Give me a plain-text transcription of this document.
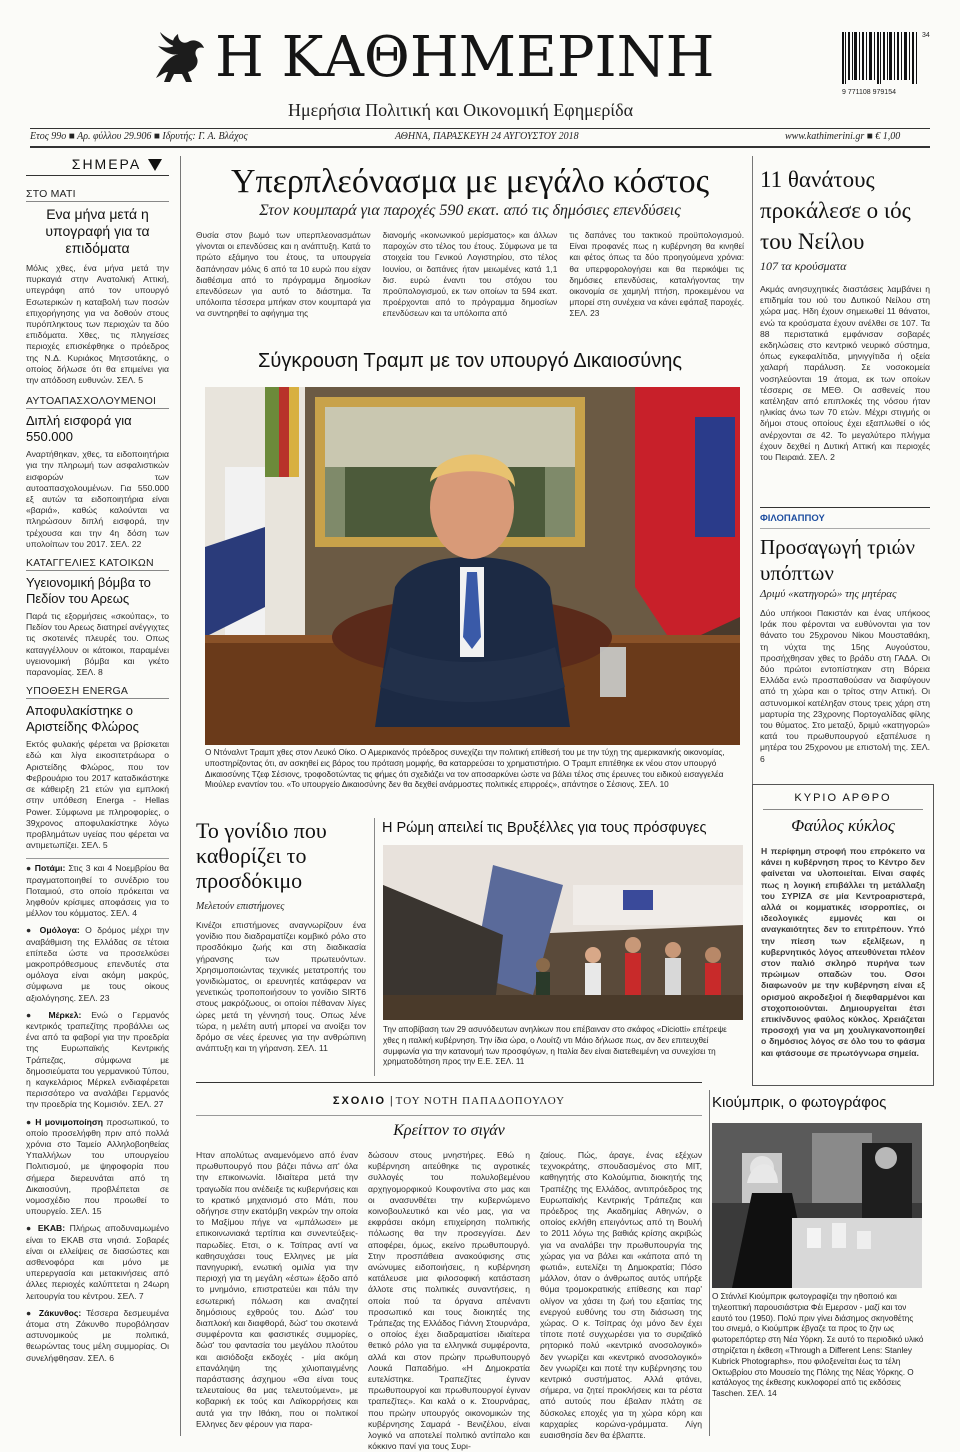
Η ΚΑΘΗΜΕΡΙΝΗ
Ημερήσια Πολιτική και Οικονομική Εφημερίδα
9 771108 979154
34
Ετος 99ο ■ Αρ. φύλλου 29.906 ■ Ιδρυτής: Γ. Α. Βλάχος	ΑΘΗΝΑ, ΠΑΡΑΣΚΕΥΗ 24 ΑΥΓΟΥΣΤΟΥ 2018	www.kathimerini.gr ■ € 1,00
ΣΗΜΕΡΑ
ΣΤΟ ΜΑΤΙ
Ενα μήνα μετά η υπογραφή για τα επιδόματα
Μόλις χθες, ένα μήνα μετά την πυρκαγιά στην Ανατολική Αττική, υπεγράφη από τον υπουργό Εσωτερικών η καταβολή των ποσών επιχορήγησης για να δοθούν στους πυρόπληκτους των περιοχών τα δύο επιδόματα. Χθες, τις πληγείσες περιοχές επισκέφθηκε ο πρόεδρος της Ν.Δ. Κυριάκος Μητσοτάκης, ο οποίος δήλωσε ότι θα επιμείνει για την απόδοση ευθυνών. ΣΕΛ. 5
ΑΥΤΟΑΠΑΣΧΟΛΟΥΜΕΝΟΙ
Διπλή εισφορά για 550.000
Αναρτήθηκαν, χθες, τα ειδοποιητήρια για την πληρωμή των ασφαλιστικών εισφορών των αυτοαπασχολουμένων. Για 550.000 εξ αυτών τα ειδοποιητήρια είναι «βαριά», καθώς καλούνται να πληρώσουν διπλή εισφορά, την τρέχουσα και την 4η δόση των υπολοίπων του 2017. ΣΕΛ. 22
ΚΑΤΑΓΓΕΛΙΕΣ ΚΑΤΟΙΚΩΝ
Υγειονομική βόμβα το Πεδίον του Αρεως
Παρά τις εξορμήσεις «σκούπας», το Πεδίον του Αρεως διατηρεί ανέγγιχτες τις σκοτεινές πλευρές του. Οπως καταγγέλλουν οι κάτοικοι, παραμένει υγειονομική βόμβα και γκέτο παρανομίας. ΣΕΛ. 8
ΥΠΟΘΕΣΗ ENERGA
Αποφυλακίστηκε ο Αριστείδης Φλώρος
Εκτός φυλακής φέρεται να βρίσκεται εδώ και λίγα εικοσιτετράωρα ο Αριστείδης Φλώρος, που τον Φεβρουάριο του 2017 καταδικάστηκε σε κάθειρξη 21 ετών για εμπλοκή στην υπόθεση Energa - Hellas Power. Σύμφωνα με πληροφορίες, ο 39χρονος αποφυλακίστηκε λόγω προβλημάτων υγείας που φέρεται να αντιμετωπίζει. ΣΕΛ. 5
● Ποτάμι: Στις 3 και 4 Νοεμβρίου θα πραγματοποιηθεί το συνέδριο του Ποταμιού, στο οποίο πρόκειται να ληφθούν κρίσιμες αποφάσεις για το μέλλον του κόμματος. ΣΕΛ. 4
● Ομόλογα: Ο δρόμος μέχρι την αναβάθμιση της Ελλάδας σε τέτοια επίπεδα ώστε να προσελκύσει μακροπρόθεσμους επενδυτές στα ομόλογα είναι ακόμη μακρύς, σύμφωνα με τους οίκους αξιολόγησης. ΣΕΛ. 23
● Μέρκελ: Ενώ ο Γερμανός κεντρικός τραπεζίτης προβάλλει ως ένα από τα φαβορί για την προεδρία της Ευρωπαϊκής Κεντρικής Τράπεζας, σύμφωνα με δημοσιεύματα του γερμανικού Τύπου, η καγκελάριος Μέρκελ ενδιαφέρεται περισσότερο να αναλάβει Γερμανός την προεδρία της Κομισιόν. ΣΕΛ. 27
● Η μονιμοποίηση προσωπικού, το οποίο προσελήφθη πριν από πολλά χρόνια στο Ταμείο Αλληλοβοηθείας Υπαλλήλων του υπουργείου Πολιτισμού, με ψηφοφορία που σήμερα διερευνάται από τη Δικαιοσύνη, προβλέπεται σε νομοσχέδιο που προωθεί το υπουργείο. ΣΕΛ. 15
● ΕΚΑΒ: Πλήρως αποδυναμωμένο είναι το ΕΚΑΒ στα νησιά. Σοβαρές είναι οι ελλείψεις σε διασώστες και ασθενοφόρα και μόνο με υπερεργασία και μετακινήσεις από άλλες περιοχές καλύπτεται η 24ωρη λειτουργία του κέντρου. ΣΕΛ. 7
● Ζάκυνθος: Τέσσερα δεσμευμένα άτομα στη Ζάκυνθο πυροβόλησαν αστυνομικούς με πολιτικά, θεωρώντας τους μέλη συμμορίας. Oι συνελήφθησαν. ΣΕΛ. 6
Υπερπλεόνασμα με μεγάλο κόστος
Στον κουμπαρά για παροχές 590 εκατ. από τις δημόσιες επενδύσεις
Θυσία στον βωμό των υπερπλεονασμάτων γίνονται οι επενδύσεις και η ανάπτυξη. Κατά το πρώτο εξάμηνο του έτους, τα υπουργεία δαπάνησαν μόλις 6 από τα 10 ευρώ που είχαν διαθέσιμα από το πρόγραμμα δημοσίων επενδύσεων για αυτό το διάστημα. Τα υπόλοιπα τέσσερα μπήκαν στον κουμπαρά για να συντηρηθεί το αφήγημα της
διανομής «κοινωνικού μερίσματος» και άλλων παροχών στο τέλος του έτους. Σύμφωνα με τα στοιχεία του Γενικού Λογιστηρίου, στο τέλος Ιουνίου, οι δαπάνες ήταν μειωμένες κατά 1,1 δισ. ευρώ έναντι του στόχου του προϋπολογισμού, εκ των οποίων τα 594 εκατ. προέρχονται από το πρόγραμμα δημοσίων επενδύσεων και τα υπόλοιπα από
τις δαπάνες του τακτικού προϋπολογισμού. Είναι προφανές πως η κυβέρνηση θα κινηθεί και φέτος όπως τα δύο προηγούμενα χρόνια: θα υπερφορολογήσει και θα περικόψει τις δημόσιες επενδύσεις, καταλήγοντας την οικονομία σε χαμηλή πτήση, προκειμένου να μπορεί στη συνέχεια να κάνει εφάπαξ παροχές. ΣΕΛ. 23
Σύγκρουση Τραμπ με τον υπουργό Δικαιοσύνης
Ο Ντόναλντ Τραμπ χθες στον Λευκό Οίκο. Ο Αμερικανός πρόεδρος συνεχίζει την πολιτική επίθεσή του με την τύχη της αμερικανικής οικονομίας, υποστηρίζοντας ότι, αν ασκηθεί εις βάρος του πρόταση μομφής, θα καταρρεύσει το χρηματιστήριο. Ο Τραμπ επιτέθηκε εκ νέου στον υπουργό Δικαιοσύνης Τζεφ Σέσιονς, τροφοδοτώντας τις φήμες ότι σχεδιάζει να τον αποσαρκύνει ώστε να βάλει τέλος στις έρευνες του ειδικού εισαγγελέα Μιούλερ εναντίον του. «Το υπουργείο Δικαιοσύνης δεν θα δεχθεί ανάρμοστες πολιτικές επιρροές», απάντησε ο Σέσιονς. ΣΕΛ. 10
11 θανάτους προκάλεσε ο ιός του Νείλου
107 τα κρούσματα
Ακμάς ανησυχητικές διαστάσεις λαμβάνει η επιδημία του ιού του Δυτικού Νείλου στη χώρα μας. Ηδη έχουν σημειωθεί 11 θάνατοι, ενώ τα κρούσματα έχουν ανέλθει σε 107. Τα 88 περιστατικά εμφάνισαν σοβαρές εκδηλώσεις στο κεντρικό νευρικό σύστημα, όπως εγκεφαλίτιδα, μηνιγγίτιδα ή οξεία χαλαρή παράλυση. Σε νοσοκομεία νοσηλεύονται 19 άτομα, εκ των οποίων τέσσερις σε ΜΕΘ. Οι ασθενείς που κατέληξαν από επιπλοκές της νόσου ήταν ηλικίας άνω των 70 ετών. Μέχρι στιγμής οι δήμοι στους οποίους έχει εξαπλωθεί ο ιός ανέρχονται σε 42. Το μεγαλύτερο πλήγμα έχουν δεχθεί η Δυτική Αττική και περιοχές του Πειραιά. ΣΕΛ. 2
ΦΙΛΟΠΑΠΠΟΥ
Προσαγωγή τριών υπόπτων
Δριμύ «κατηγορώ» της μητέρας
Δύο υπήκοοι Πακιστάν και ένας υπήκοος Ιράκ που φέρονται να ευθύνονται για τον θάνατο του 25χρονου Νίκου Μουσταθάκη, τη νύχτα της 15ης Αυγούστου, προσήχθησαν χθες το βράδυ στη ΓΑΔΑ. Οι δύο πρώτοι εντοπίστηκαν στη Βόρεια Ελλάδα ενώ προσπαθούσαν να διαφύγουν από τη χώρα και ο τρίτος στην Αττική. Οι αστυνομικοί κατέληξαν στους τρεις χάρη στη μαρτυρία της 23χρονης Πορτογαλίδας φίλης του θύματος. Στο μεταξύ, δριμύ «κατηγορώ» κατά του πρωθυπουργού εξαπέλυσε η μητέρα του 25χρονου με επιστολή της. ΣΕΛ. 6
ΚΥΡΙΟ ΑΡΘΡΟ
Φαύλος κύκλος
Η περίφημη στροφή που επρόκειτο να κάνει η κυβέρνηση προς το Κέντρο δεν φαίνεται να υλοποιείται. Είναι σαφές πως η λογική επιβάλλει τη μετάλλαξη του ΣΥΡΙΖΑ σε μία Κεντροαριστερά, αλλά οι κομματικές ισορροπίες, οι ιδεολογικές εμμονές και οι αναγκαιότητες δεν το επιτρέπουν. Υπό την πίεση των εξελίξεων, η κυβερνητικός λόγος απευθύνεται πλέον στον παλιό σκληρό πυρήνα των πρώιμων οπαδών του. Οσοι διαφωνούν με την κυβέρνηση είναι εξ ορισμού ακροδεξιοί ή διεφθαρμένοι και στοχοποιούνται. Δημιουργείται έτσι επικίνδυνος φαύλος κύκλος. Χρειάζεται προσοχή για να μη χουλιγκανοποιηθεί ο δημόσιος λόγος σε όλο του το φάσμα και φτάσουμε σε πρωτόγνωρα σημεία.
Το γονίδιο που καθορίζει το προσδόκιμο
Μελετούν επιστήμονες
Κινέζοι επιστήμονες αναγνωρίζουν ένα γονίδιο που διαδραματίζει κομβικό ρόλο στο προσδόκιμο ζωής και στη διαδικασία γήρανσης των πρωτευόντων. Χρησιμοποιώντας τεχνικές μετατροπής του γονιδιώματος, οι ερευνητές κατάφεραν να γενετικώς τροποποιήσουν το γονίδιο SIRT6 στους μακρόζωους, οι οποίοι πέθαναν λίγες ώρες μετά τη γέννησή τους. Οπως λένε τώρα, η μελέτη αυτή μπορεί να ανοίξει τον δρόμο σε νέες έρευνες για την ανθρώπινη ανάπτυξη και τη γήρανση. ΣΕΛ. 11
Η Ρώμη απειλεί τις Βρυξέλλες για τους πρόσφυγες
Την αποβίβαση των 29 ασυνόδευτων ανηλίκων που επέβαιναν στο σκάφος «Diciotti» επέτρεψε χθες η ιταλική κυβέρνηση. Την ίδια ώρα, ο Λουίτζι ντι Μάιο δήλωσε πως, αν δεν επιτευχθεί συμφωνία για την κατανομή των προσφύγων, η Ιταλία δεν είναι διατεθειμένη να συνεχίσει τη χρηματοδότηση προς την Ε.Ε. ΣΕΛ. 11
ΣΧΟΛΙΟ | ΤΟΥ ΝΟΤΗ ΠΑΠΑΔΟΠΟΥΛΟΥ
Κρείττον το σιγάν
Ηταν απολύτως αναμενόμενο από έναν πρωθυπουργό που βάζει πάνω απ' όλα την επικοινωνία. Ιδιαίτερα μετά την τραγωδία που ανέδειξε τις κυβερνήσεις και το κρατικό μηχανισμό στο Μάτι, που οδήγησε στην εκατόμβη νεκρών την οποία το Μαξίμου πήγε να «μπάλωσει» με επικοινωνιακά τερτίπια και συνεντεύξεις-παρωδίες. Ετσι, ο κ. Τσίπρας αντί να καθησυχάσει τους Ελληνες με μία πανηγυρική, ενωτική ομιλία για την περιοχή για τη μεγάλη «έστω» έξοδο από το μνημόνιο, επιστρατεύει και πάλι την εσωτερική πόλωση και αναζητεί δημόσιους εχθρούς του. Δώσ' του διαπλοκή και διαφθορά, δώσ' του σκοτεινά συμφέροντα και φασιστικές συμμορίες, δώσ' του φαντασία του μεγάλου πλούτου και αισιόδοξα εκδοχές - μία ακόμη επανάληψη της χιλιοπαιγμένης παράστασης άσχημου «Θα είναι τους τελευταίους θα μας τελευτούμενα», με κοβαρική εκ τούς και Λαϊκορρήσεις και αυτά για την Ιθάκη, που οι πολιτικοί Ελληνες δεν φέρουν για παρα-
δώσουν στους μνηστήρες. Εθώ η κυβέρνηση αιτεύθηκε τις αγροτικές συλλογές του πολυλοβεμένου αρχηγομορφικού Κουφοντίνα στο μας και οι ανασυνθέτει την κυβερνώμενο κοινοβουλευτικό και νέο μας, για να εκφράσει ακόμη επιχείρηση πολιτικής πόλωσης θα την προσεγγίσει. Δεν αποφέρει, όμως, εκείνο πρωθυπουργό. Στην προσπάθεια ανακούφισης στις ανώνυμες ειδοποιήσεις, η κυβέρνηση κατάλευσε μια φιλοσοφική κατάσταση άλλοτε στις πολιτικές συναντήσεις, η οποία πού τα όργανα απέναντι προσωπικό και τους διοικητές της Τράπεζας της Ελλάδος Γιάννη Στουρνάρα, ο οποίος έχει διαδραματίσει ιδιαίτερα θετικό ρόλο για τα ελληνικά συμφέροντα, αλλά και στον πρώην πρωθυπουργό Λουκά Παπαδήμο. «Η Δημοκρατία ευτελίστηκε. Τραπεζίτες έγιναν πρωθυπουργοί και πρωθυπουργοί έγιναν τραπεζίτες». Και καλά ο κ. Στουρνάρας, που πρώην υπουργός οικονομικών της κυβέρνησης Σαμαρά - Βενιζέλου, είναι λογικό να αποτελεί πολιτικό αντίπαλο και κόκκινο πανί για τους Συρι-
ζαίους. Πώς, άραγε, ένας εξέχων τεχνοκράτης, σπουδασμένος στο ΜΙΤ, καθηγητής στο Κολούμπια, διοικητής της Τραπέζης της Ελλάδος, αντιπρόεδρος της Ευρωπαϊκής Κεντρικής Τράπεζας και πρόεδρος της Ακαδημίας Αθηνών, ο οποίος εκλήθη επειγόντως από τη Βουλή το 2011 λόγω της βαθιάς κρίσης ακριβώς για να αναλάβει την πρωθυπουργία της χώρας για να βάλει και «κάποτα από τη φωτιά», ευτελίζει τη Δημοκρατία; Πόσο μάλλον, όταν ο άνθρωπος αυτός υπήρξε θύμα τρομοκρατικής επίθεσης και παρ' ολίγον να χάσει τη ζωή του εξαιτίας της ενεργού ευθύνης του στη διάσωση της χώρας. Ο κ. Τσίπρας όχι μόνο δεν έχει τίποτε ποτέ συγχωρέσει για το συριζαϊκό ρητορικό πολύ «κεντρικό ανοσολογικό» δεν γνωρίζει και «κεντρικό ανοσολογικό» δεν γνωρίζει και ποτέ την κυβέρνησης του κεντρικό συστήματος. Αλλά φτάνει, σήμερα, να ζητεί προκλήσεις και τα ρέστα από αυτούς που έβαλαν πλάτη σε δύσκολες εποχές για τη χώρα κόρη και καρχαρίες κορώνα-γράμματα. Λίγη ευαισθησία δεν θα έβλαπτε.
Κιούμπρικ, ο φωτογράφος
Ο Στάνλεϊ Κιούμπρικ φωτογραφίζει την ηθοποιό και τηλεοπτική παρουσιάστρια Φέι Εμερσον - μαζί και τον εαυτό του (1950). Πολύ πριν γίνει διάσημος σκηνοθέτης του σινεμά, ο Κιούμπρικ έβγαζε τα προς το ζην ως φωτορεπόρτερ στη Νέα Υόρκη. Σε αυτό το περιοδικό υλικό στηρίζεται η έκθεση «Through a Different Lens: Stanley Kubrick Photographs», που φιλοξενείται έως τα τέλη Οκτωβρίου στο Μουσείο της Πόλης της Νέας Υόρκης. Ο κατάλογος της έκθεσης κυκλοφορεί από τις εκδόσεις Taschen. ΣΕΛ. 14
